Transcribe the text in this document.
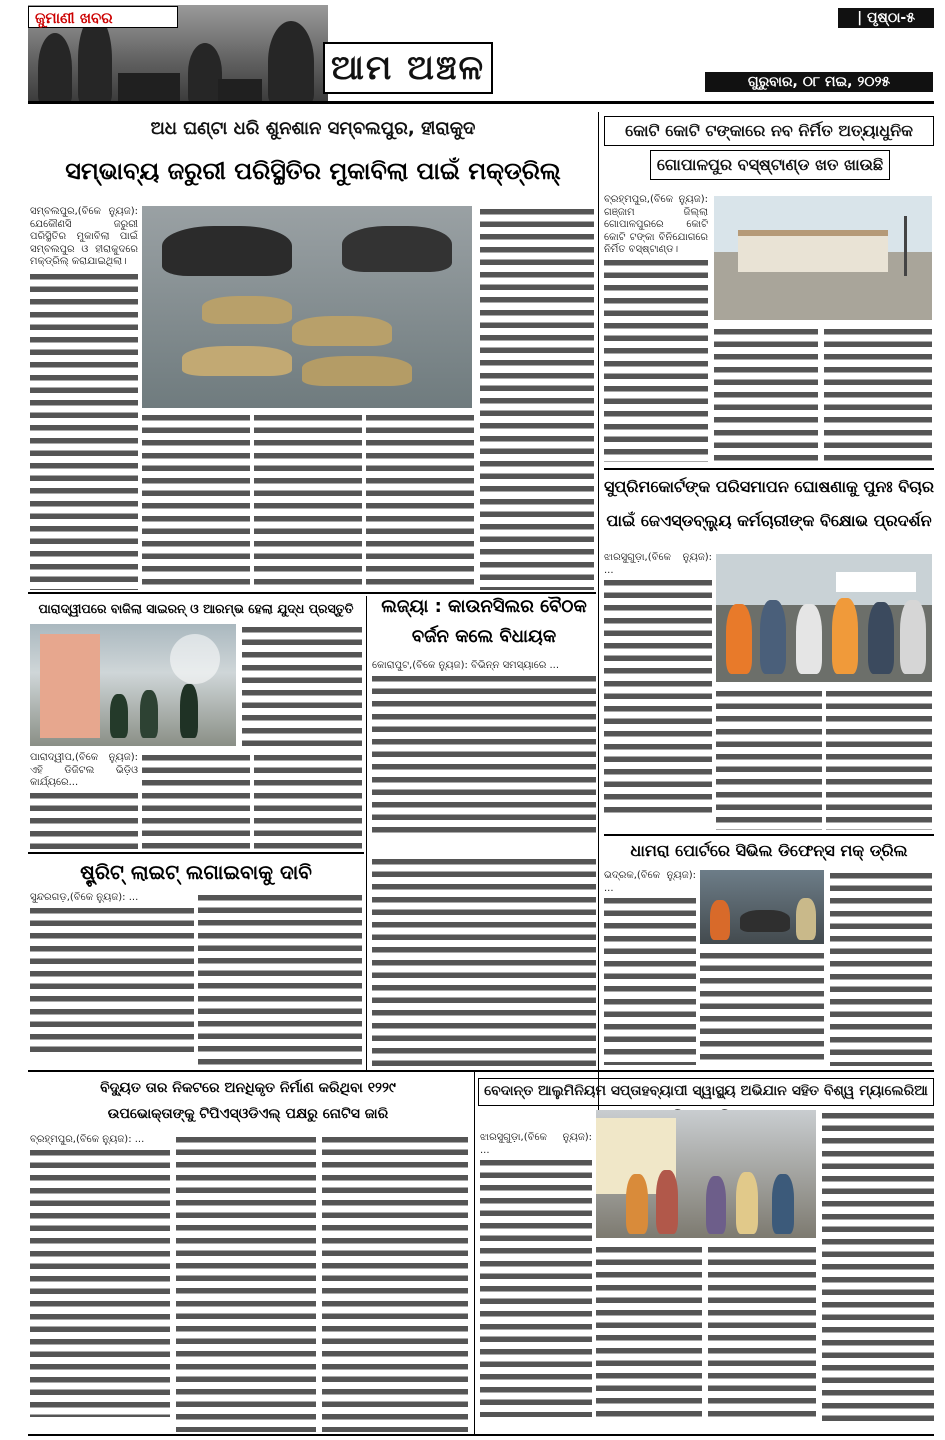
ଜୁମାଣୀ ଖବର
ଆମ ଅଞ୍ଚଳ
| ପୃଷ୍ଠା-୫
ଗୁରୁବାର, ୦୮ ମଇ, ୨୦୨୫
ଅଧ ଘଣ୍ଟା ଧରି ଶୁନଶାନ ସମ୍ବଲପୁର, ହୀରାକୁଦ
ସମ୍ଭାବ୍ୟ ଜରୁରୀ ପରିସ୍ଥିତିର ମୁକାବିଲା ପାଇଁ ମକ୍‌ଡ୍ରିଲ୍
ସମ୍ବଲପୁର,(ବିକେ ନ୍ୟୁଜ): ଯେକୌଣସି ଜରୁରୀ ପରିସ୍ଥିତିର ମୁକାବିଲା ପାଇଁ ସମ୍ବଲପୁର ଓ ହୀରାକୁଦରେ ମକ୍‌ଡ୍ରିଲ୍ କରାଯାଇଥିଲା।
କୋଟି କୋଟି ଟଙ୍କାରେ ନବ ନିର୍ମିତ ଅତ୍ୟାଧୁନିକ
ଗୋପାଳପୁର ବସ୍‌ଷ୍ଟାଣ୍ଡ ଖତ ଖାଉଛି
ବ୍ରହ୍ମପୁର,(ବିକେ ନ୍ୟୁଜ): ଗଞ୍ଜାମ ଜିଲ୍ଲା ଗୋପାଳପୁରରେ କୋଟି କୋଟି ଟଙ୍କା ବିନିଯୋଗରେ ନିର୍ମିତ ବସ୍‌ଷ୍ଟାଣ୍ଡ।
ସୁପ୍ରିମକୋର୍ଟଙ୍କ ପରିସମାପନ ଘୋଷଣାକୁ ପୁନଃ ବିଚାର
ପାଇଁ ଜେଏସ୍‌ଡବ୍ଲ୍ୟୁ କର୍ମଚାରୀଙ୍କ ବିକ୍ଷୋଭ ପ୍ରଦର୍ଶନ
ଝାରସୁଗୁଡ଼ା,(ବିକେ ନ୍ୟୁଜ): ...
ଧାମରା ପୋର୍ଟରେ ସିଭିଲ ଡିଫେନ୍ସ ମକ୍ ଡ୍ରିଲ
ଭଦ୍ରକ,(ବିକେ ନ୍ୟୁଜ): ...
ପାରାଦ୍ୱୀପରେ ବାଜିଲା ସାଇରନ୍ ଓ ଆରମ୍ଭ ହେଲା ଯୁଦ୍ଧ ପ୍ରସ୍ତୁତି
ପାରାଦ୍ୱୀପ,(ବିକେ ନ୍ୟୁଜ): ଏହି ଡିଜିଟଲ ଭିଡ଼ିଓ କାର୍ଯ୍ୟରେ...
ଲଜ୍ୟା : କାଉନସିଲର ବୈଠକ
ବର୍ଜନ କଲେ ବିଧାୟକ
କୋରାପୁଟ,(ବିକେ ନ୍ୟୁଜ): ବିଭିନ୍ନ ସମସ୍ୟାରେ ...
ଷ୍ଟ୍ରିଟ୍ ଲାଇଟ୍ ଲଗାଇବାକୁ ଦାବି
ସୁନ୍ଦରଗଡ଼,(ବିକେ ନ୍ୟୁଜ): ...
ବିଦ୍ୟୁତ ତାର ନିକଟରେ ଅନଧିକୃତ ନିର୍ମାଣ କରିଥିବା ୧୨୨୯
ଉପଭୋକ୍ତାଙ୍କୁ ଟିପିଏସ୍‌ଓଡିଏଲ୍ ପକ୍ଷରୁ ନୋଟିସ ଜାରି
ବ୍ରହ୍ମପୁର,(ବିକେ ନ୍ୟୁଜ): ...
ବେଦାନ୍ତ ଆଲୁମିନିୟମ ସପ୍ତାହବ୍ୟାପୀ ସ୍ୱାସ୍ଥ୍ୟ ଅଭିଯାନ ସହିତ ବିଶ୍ୱ ମ୍ୟାଲେରିଆ
ଝାରସୁଗୁଡ଼ା,(ବିକେ ନ୍ୟୁଜ): ...
